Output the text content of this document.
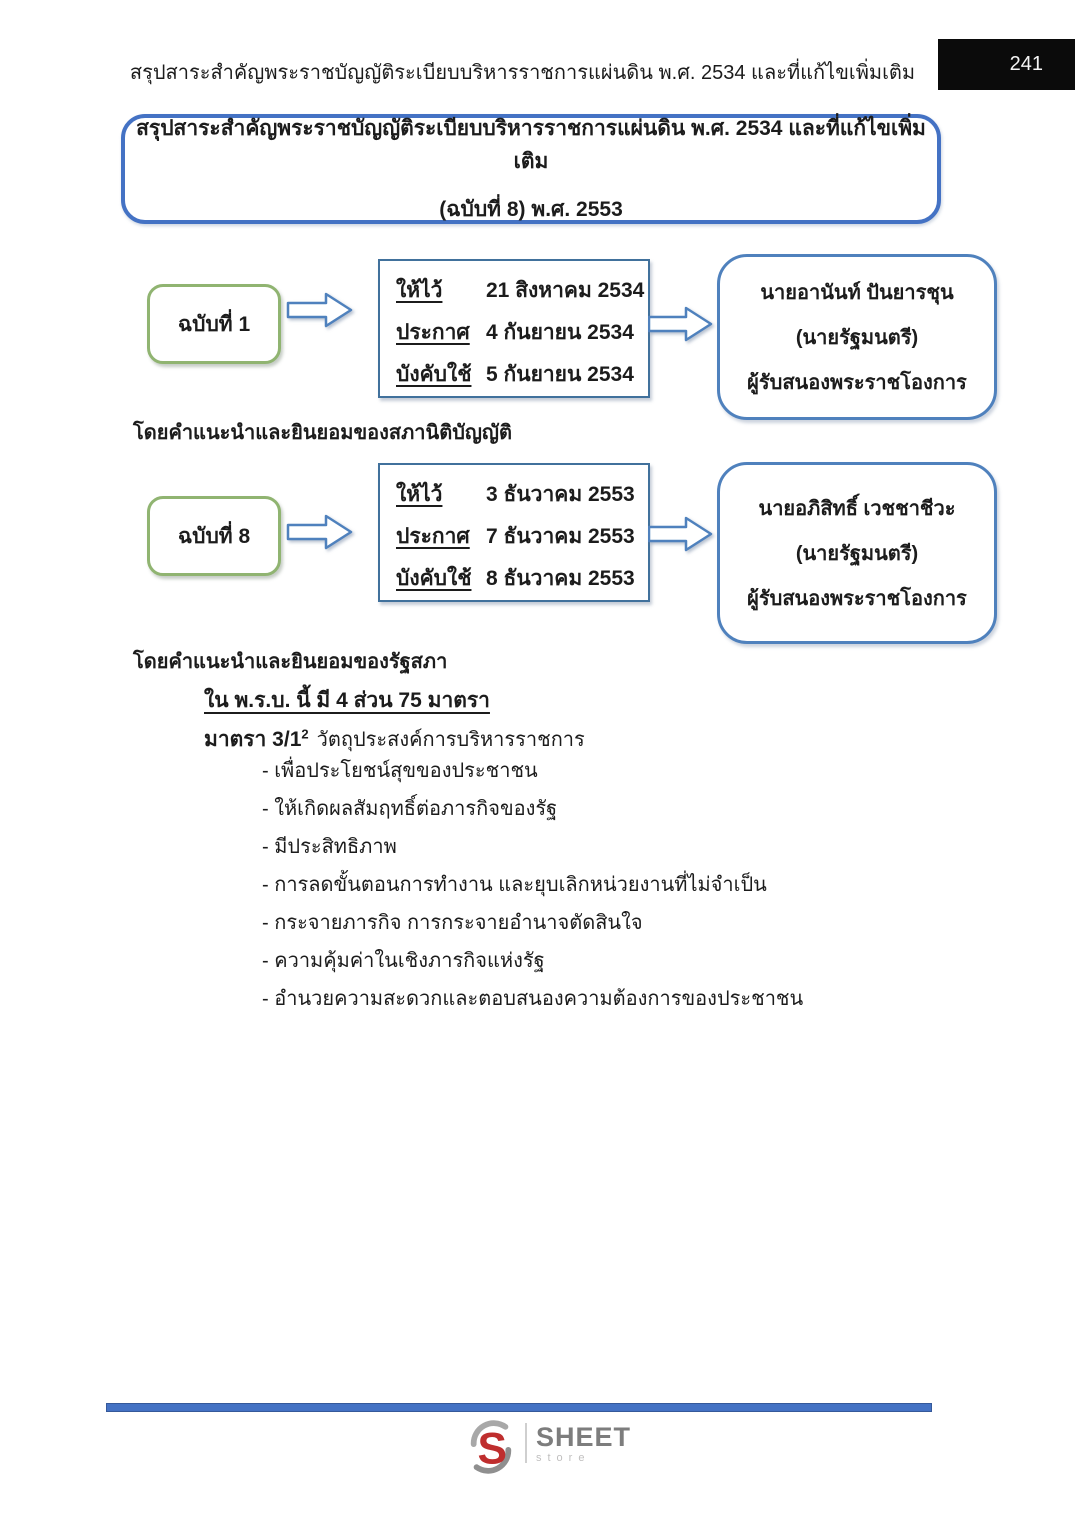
สรุปสาระสำคัญพระราชบัญญัติระเบียบบริหารราชการแผ่นดิน พ.ศ. 2534 และที่แก้ไขเพิ่มเติม	241
สรุปสาระสำคัญพระราชบัญญัติระเบียบบริหารราชการแผ่นดิน พ.ศ. 2534 และที่แก้ไขเพิ่มเติม
(ฉบับที่ 8) พ.ศ. 2553
ฉบับที่ 1
ให้ไว้	21 สิงหาคม 2534
ประกาศ 4 กันยายน 2534
บังคับใช้ 5 กันยายน 2534
นายอานันท์ ปันยารชุน
(นายรัฐมนตรี)
ผู้รับสนองพระราชโองการ
โดยคำแนะนำและยินยอมของสภานิติบัญญัติ
ฉบับที่ 8
ให้ไว้	3 ธันวาคม 2553
ประกาศ 7 ธันวาคม 2553
บังคับใช้ 8 ธันวาคม 2553
นายอภิสิทธิ์ เวชชาชีวะ
(นายรัฐมนตรี)
ผู้รับสนองพระราชโองการ
โดยคำแนะนำและยินยอมของรัฐสภา
ใน พ.ร.บ. นี้ มี 4 ส่วน 75 มาตรา
มาตรา $3/1^2$ วัตถุประสงค์การบริหารราชการ
- เพื่อประโยชน์สุขของประชาชน
- ให้เกิดผลสัมฤทธิ์ต่อภารกิจของรัฐ
- มีประสิทธิภาพ
- การลดขั้นตอนการทำงาน และยุบเลิกหน่วยงานที่ไม่จำเป็น
- กระจายภารกิจ การกระจายอำนาจตัดสินใจ
- ความคุ้มค่าในเชิงภารกิจแห่งรัฐ
- อำนวยความสะดวกและตอบสนองความต้องการของประชาชน
S SHEET
store
